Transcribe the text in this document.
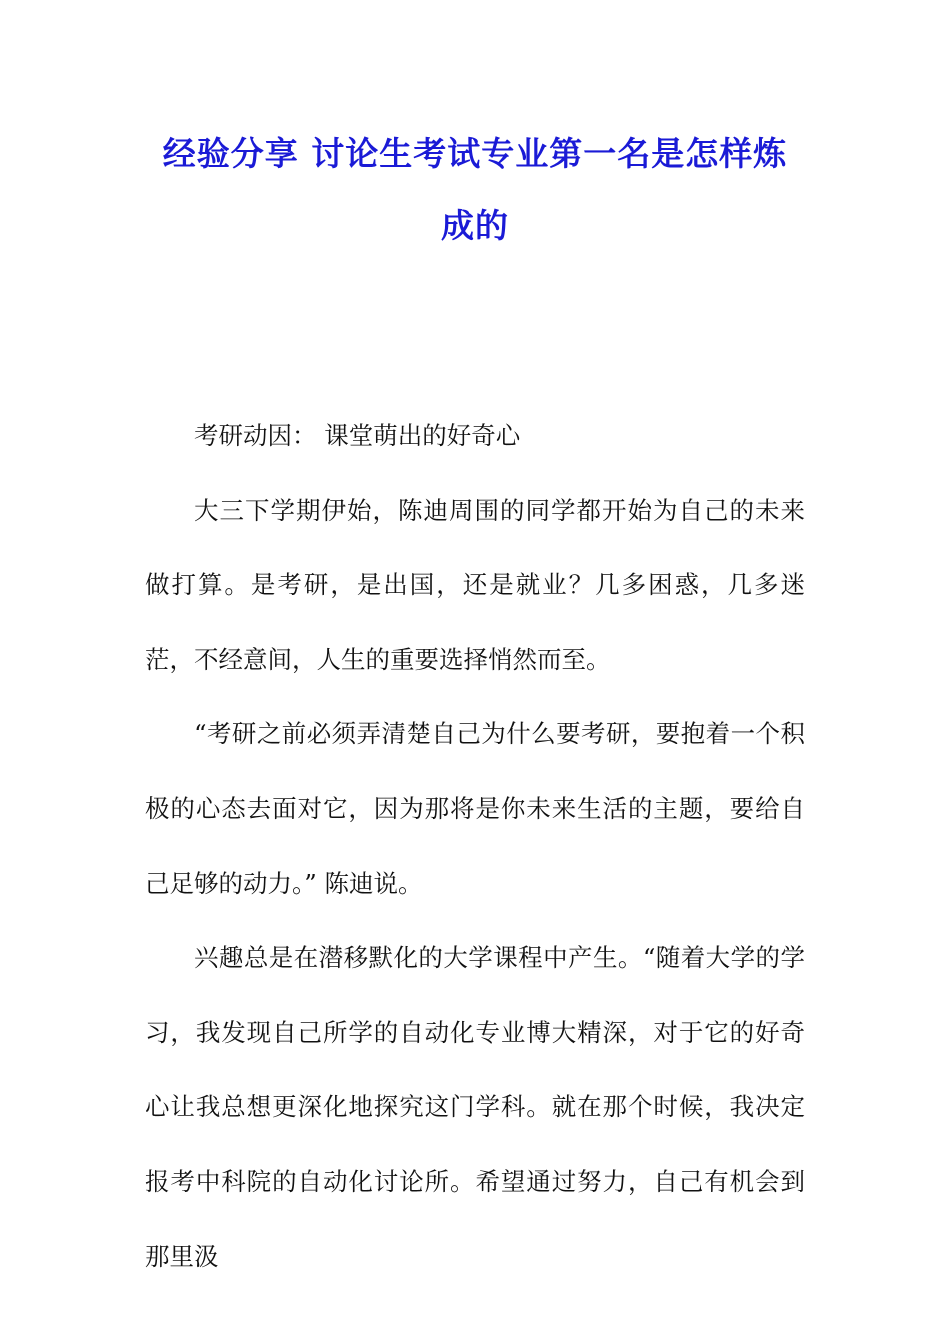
经验分享 讨论生考试专业第一名是怎样炼
成的

考研动因： 课堂萌出的好奇心

大三下学期伊始，陈迪周围的同学都开始为自己的未来做打算。是考研，是出国，还是就业？几多困惑，几多迷茫，不经意间，人生的重要选择悄然而至。

“考研之前必须弄清楚自己为什么要考研，要抱着一个积极的心态去面对它，因为那将是你未来生活的主题，要给自己足够的动力。” 陈迪说。

兴趣总是在潜移默化的大学课程中产生。“随着大学的学习，我发现自己所学的自动化专业博大精深，对于它的好奇心让我总想更深化地探究这门学科。就在那个时候，我决定报考中科院的自动化讨论所。希望通过努力，自己有机会到那里汲
